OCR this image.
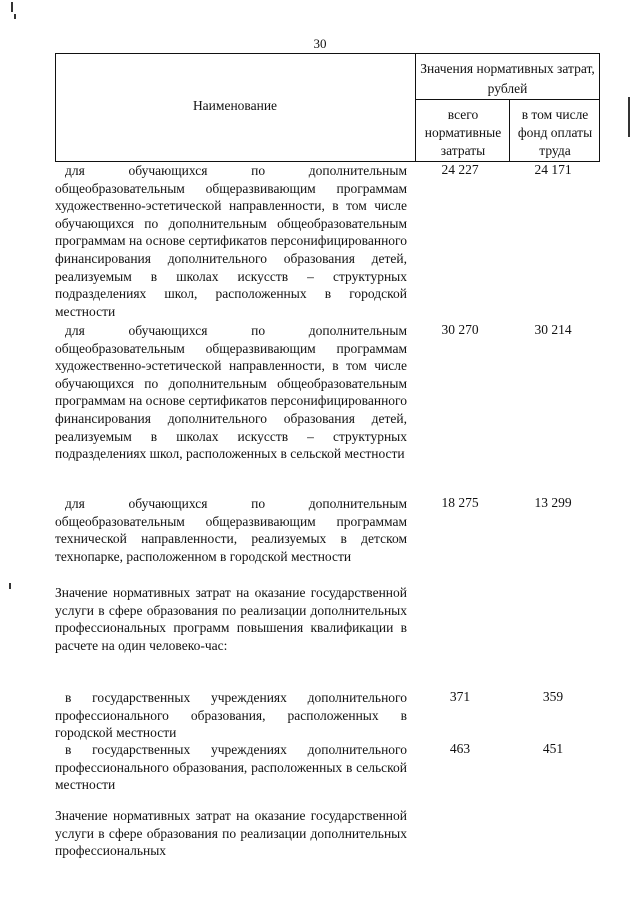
30
Наименование
Значения нормативных затрат, рублей
всего нормативные затраты
в том числе фонд оплаты труда
для обучающихся по дополнительным общеобразовательным общеразвивающим программам художественно-эстетической направленности, в том числе обучающихся по дополнительным общеобразовательным программам на основе сертификатов персонифицированного финансирования дополнительного образования детей, реализуемым в школах искусств – структурных подразделениях школ, расположенных в городской местности
24 227	24 171
для обучающихся по дополнительным общеобразовательным общеразвивающим программам художественно-эстетической направленности, в том числе обучающихся по дополнительным общеобразовательным программам на основе сертификатов персонифицированного финансирования дополнительного образования детей, реализуемым в школах искусств – структурных подразделениях школ, расположенных в сельской местности
30 270	30 214
для обучающихся по дополнительным общеобразовательным общеразвивающим программам технической направленности, реализуемых в детском технопарке, расположенном в городской местности
18 275	13 299
Значение нормативных затрат на оказание государственной услуги в сфере образования по реализации дополнительных профессиональных программ повышения квалификации в расчете на один человеко-час:
в государственных учреждениях дополнительного профессионального образования, расположенных в городской местности
371	359
в государственных учреждениях дополнительного профессионального образования, расположенных в сельской местности
463	451
Значение нормативных затрат на оказание государственной услуги в сфере образования по реализации дополнительных профессиональных
